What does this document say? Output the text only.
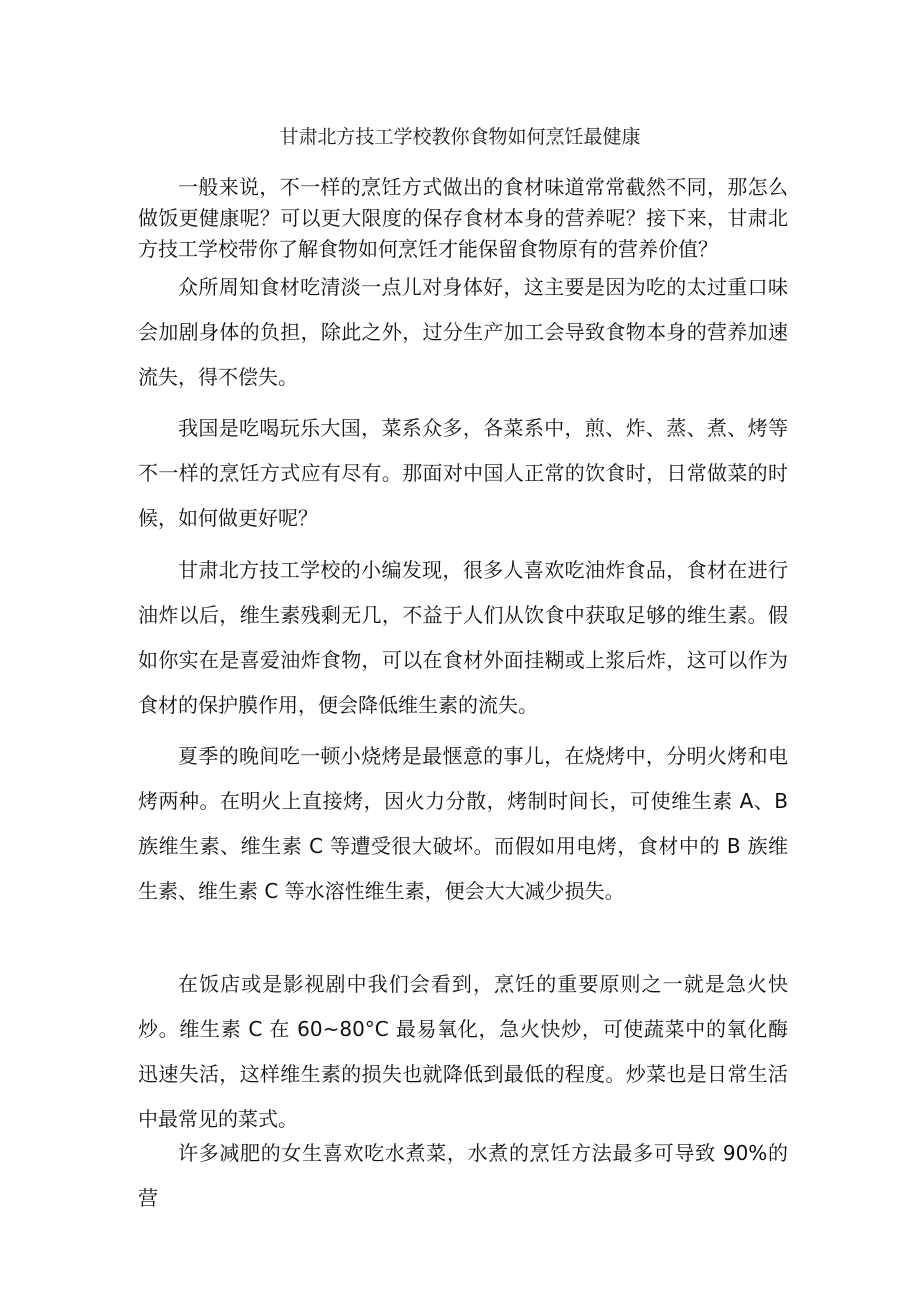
甘肃北方技工学校教你食物如何烹饪最健康

一般来说，不一样的烹饪方式做出的食材味道常常截然不同，那怎么做饭更健康呢？可以更大限度的保存食材本身的营养呢？接下来，甘肃北方技工学校带你了解食物如何烹饪才能保留食物原有的营养价值？

众所周知食材吃清淡一点儿对身体好，这主要是因为吃的太过重口味会加剧身体的负担，除此之外，过分生产加工会导致食物本身的营养加速流失，得不偿失。

我国是吃喝玩乐大国，菜系众多，各菜系中，煎、炸、蒸、煮、烤等不一样的烹饪方式应有尽有。那面对中国人正常的饮食时，日常做菜的时候，如何做更好呢？

甘肃北方技工学校的小编发现，很多人喜欢吃油炸食品，食材在进行油炸以后，维生素残剩无几，不益于人们从饮食中获取足够的维生素。假如你实在是喜爱油炸食物，可以在食材外面挂糊或上浆后炸，这可以作为食材的保护膜作用，便会降低维生素的流失。

夏季的晚间吃一顿小烧烤是最惬意的事儿，在烧烤中，分明火烤和电烤两种。在明火上直接烤，因火力分散，烤制时间长，可使维生素 A、B 族维生素、维生素 C 等遭受很大破坏。而假如用电烤，食材中的 B 族维生素、维生素 C 等水溶性维生素，便会大大减少损失。

在饭店或是影视剧中我们会看到，烹饪的重要原则之一就是急火快炒。维生素 C 在 60~80°C 最易氧化，急火快炒，可使蔬菜中的氧化酶迅速失活，这样维生素的损失也就降低到最低的程度。炒菜也是日常生活中最常见的菜式。

许多减肥的女生喜欢吃水煮菜，水煮的烹饪方法最多可导致 90%的营
